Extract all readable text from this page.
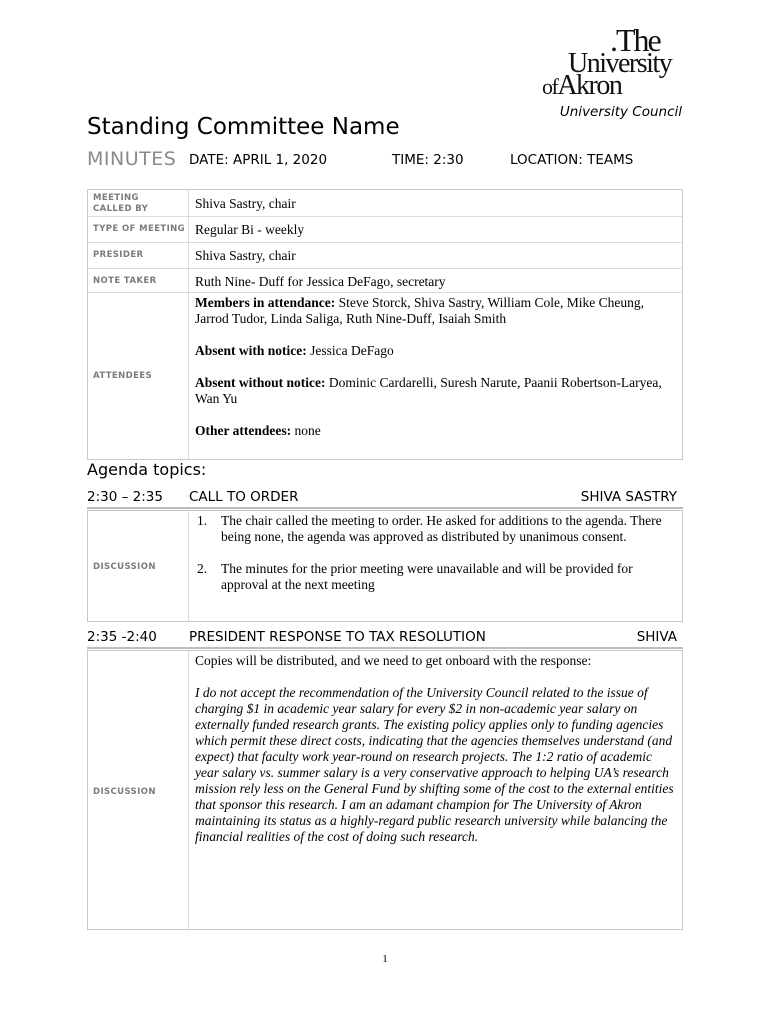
.The
University
ofAkron
University Council
Standing Committee Name
MINUTES DATE: APRIL 1, 2020	TIME: 2:30	LOCATION: TEAMS
MEETING CALLED BY	Shiva Sastry, chair
TYPE OF MEETING Regular Bi - weekly
PRESIDER	Shiva Sastry, chair
NOTE TAKER	Ruth Nine- Duff for Jessica DeFago, secretary
ATTENDEES
Members in attendance: Steve Storck, Shiva Sastry, William Cole, Mike Cheung, Jarrod Tudor, Linda Saliga, Ruth Nine-Duff, Isaiah Smith
Absent with notice: Jessica DeFago
Absent without notice: Dominic Cardarelli, Suresh Narute, Paanii Robertson-Laryea, Wan Yu
Other attendees: none
Agenda topics:
2:30 – 2:35 CALL TO ORDER	SHIVA SASTRY
DISCUSSION
1. The chair called the meeting to order. He asked for additions to the agenda. There being none, the agenda was approved as distributed by unanimous consent.
2. The minutes for the prior meeting were unavailable and will be provided for approval at the next meeting
2:35 -2:40 PRESIDENT RESPONSE TO TAX RESOLUTION	SHIVA
DISCUSSION

Copies will be distributed, and we need to get onboard with the response:

I do not accept the recommendation of the University Council related to the issue of charging $1 in academic year salary for every $2 in non-academic year salary on externally funded research grants. The existing policy applies only to funding agencies which permit these direct costs, indicating that the agencies themselves understand (and expect) that faculty work year-round on research projects. The 1:2 ratio of academic year salary vs. summer salary is a very conservative approach to helping UA’s research mission rely less on the General Fund by shifting some of the cost to the external entities that sponsor this research. I am an adamant champion for The University of Akron maintaining its status as a highly-regard public research university while balancing the financial realities of the cost of doing such research.

1
